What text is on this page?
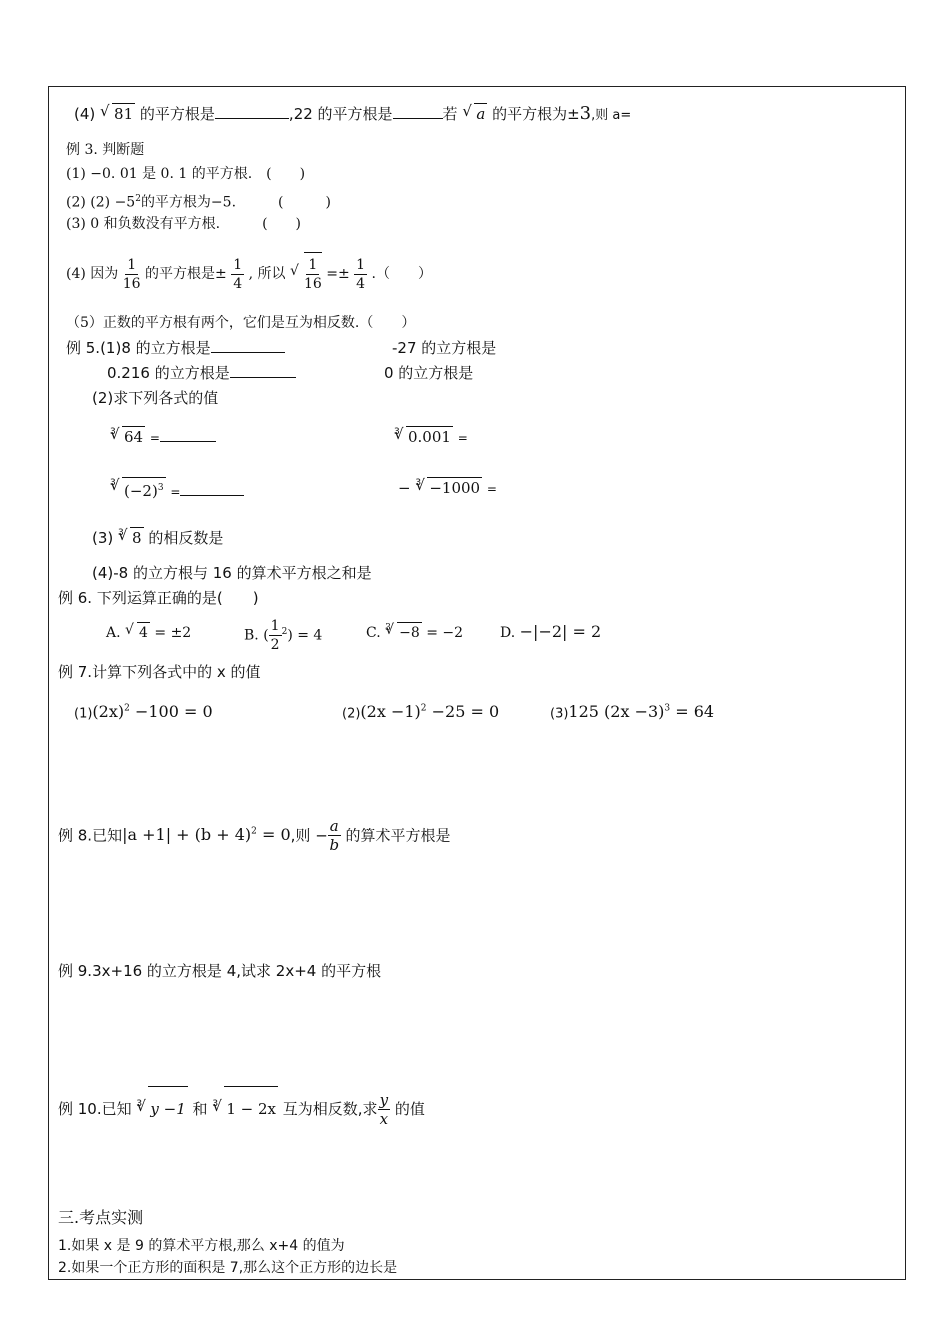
(4) √ 81 的平方根是	,22 的平方根是	若 √ a 的平方根为±3,则 a=
例 3. 判断题
(1) −0. 01 是 0. 1 的平方根.　(　　)
(2) $(2) -5^2$的平方根为−5.　　　(　　　)
(3) 0 和负数没有平方根.　　　(　　)
(4) 因为 $\frac{1}{16}$ 的平方根是± $\frac{1}{4}$ , 所以 √ $\frac{1}{16} =\pm \frac{1}{4}$ .（　　）
（5）正数的平方根有两个，它们是互为相反数.（　　）
例 5.(1)8 的立方根是	-27 的立方根是
0.216 的立方根是	0 的立方根是
(2)求下列各式的值
√ 3 64 =	√ 3 0.001 =
√ 3 $(-2)^3$ =	− √ 3 −1000 =
(3) √ 3 8 的相反数是
(4)-8 的立方根与 16 的算术平方根之和是
例 6. 下列运算正确的是(　　)
A. √ 4 = ±2	B. ( $\frac{1}{2} ^2) = 4$	C. √ 3 −8 = −2	D. −|−2| = 2
例 7.计算下列各式中的 x 的值
$(1)(2x)^2 -100 = 0$	$(2)(2x -1)^2 -25 = 0$	(3)125 $(2x -3)^3 = 64$
例 8.已知$|a +1| + (b + 4)^2 = 0$,则 − $\frac{a}{b}$ 的算术平方根是
例 9.3x+16 的立方根是 4,试求 2x+4 的平方根
例 10.已知 √ 3 y −1 和 √ 3 1 − 2x 互为相反数,求 $\frac{y}{x}$ 的值
三.考点实测
1.如果 x 是 9 的算术平方根,那么 x+4 的值为
2.如果一个正方形的面积是 7,那么这个正方形的边长是
